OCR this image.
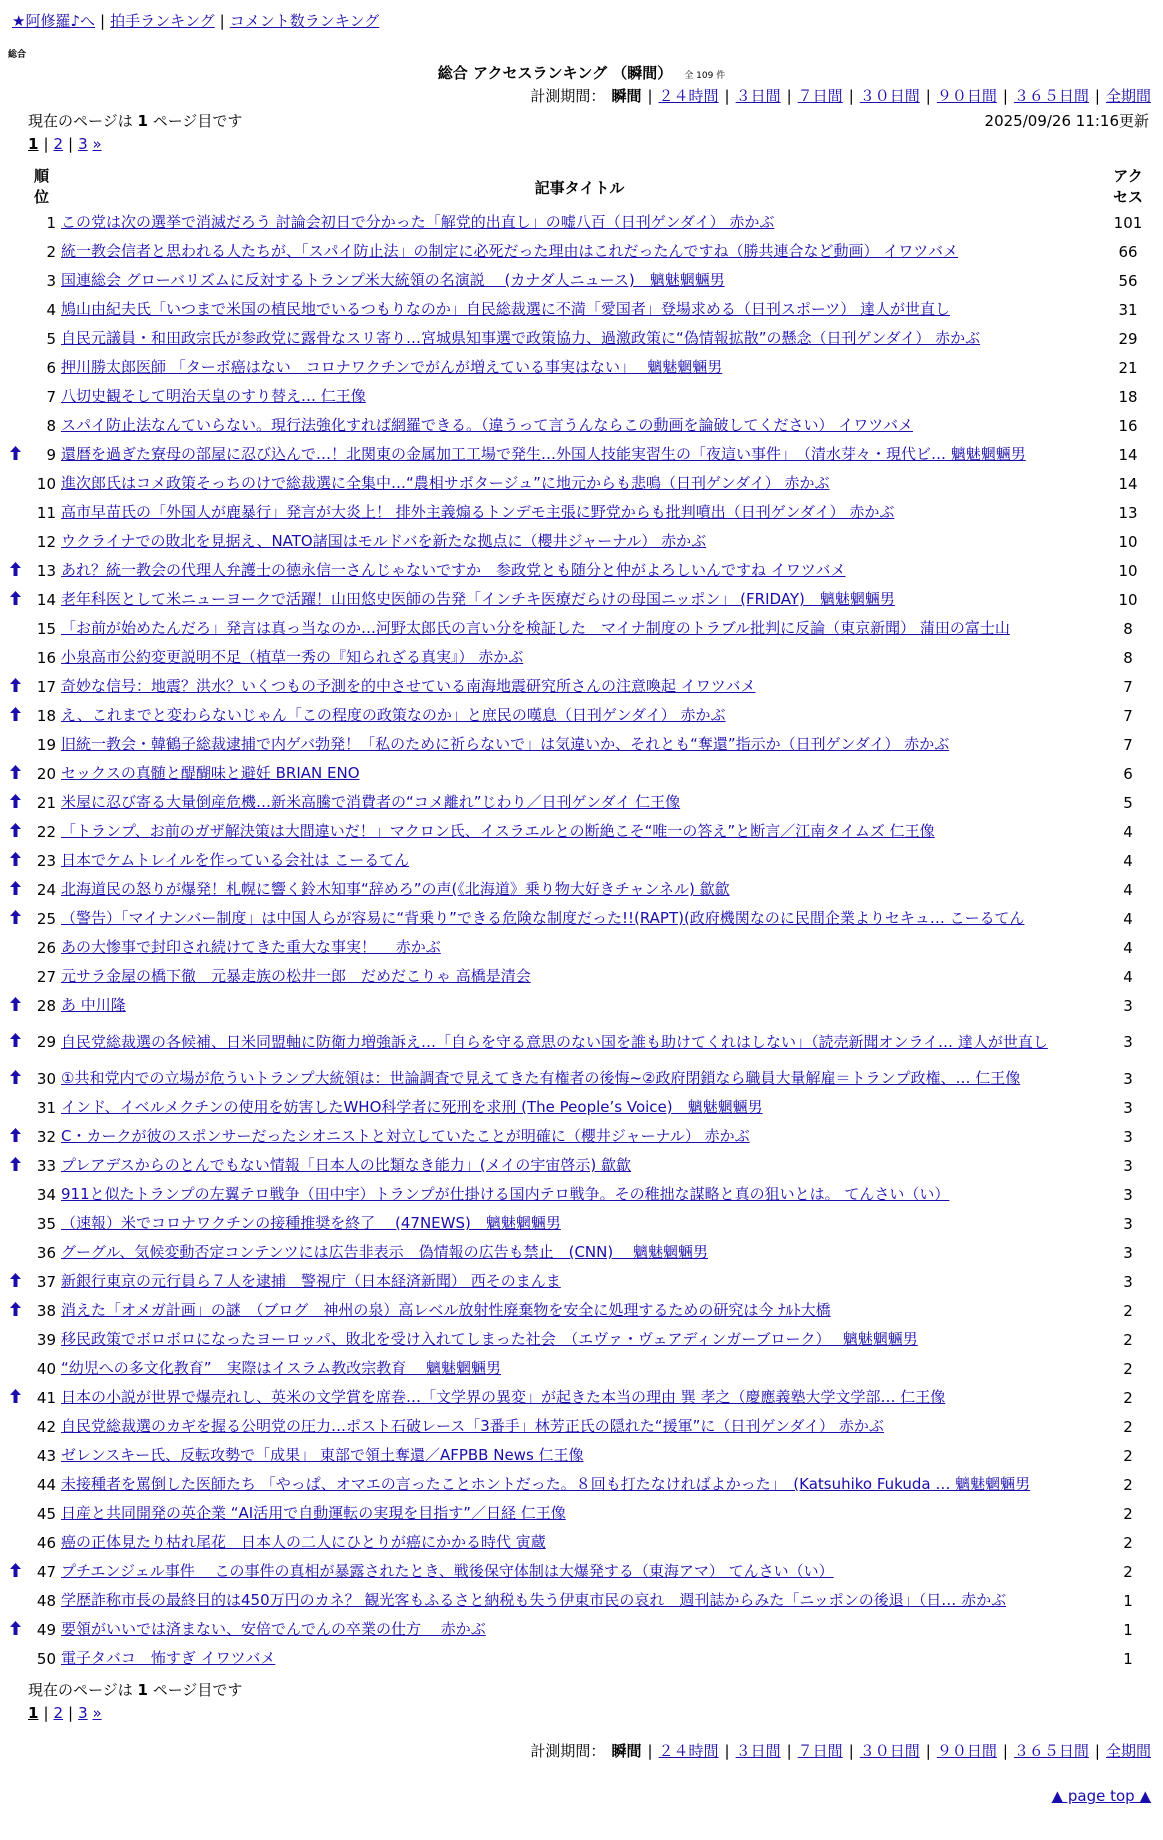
★阿修羅♪へ | 拍手ランキング | コメント数ランキング
総合
総合 アクセスランキング （瞬間） 全 109 件
計測期間： 瞬間 | ２４時間 | ３日間 | ７日間 | ３０日間 | ９０日間 | ３６５日間 | 全期間
現在のページは 1 ページ目です	2025/09/26 11:16更新
1 | 2 | 3 »
	順位	記事タイトル	アクセス
	1	この党は次の選挙で消滅だろう 討論会初日で分かった「解党的出直し」の嘘八百（日刊ゲンダイ） 赤かぶ	101
	2	統一教会信者と思われる人たちが、「スパイ防止法」の制定に必死だった理由はこれだったんですね（勝共連合など動画） イワツバメ	66
	3	国連総会 グローバリズムに反対するトランプ米大統領の名演説 　(カナダ人ニュース)　魑魅魍魎男	56
	4	鳩山由紀夫氏「いつまで米国の植民地でいるつもりなのか」自民総裁選に不満「愛国者」登場求める（日刊スポーツ） 達人が世直し	31
	5	自民元議員・和田政宗氏が参政党に露骨なスリ寄り…宮城県知事選で政策協力、過激政策に“偽情報拡散”の懸念（日刊ゲンダイ） 赤かぶ	29
	6	押川勝太郎医師 「ターボ癌はない　コロナワクチンでがんが増えている事実はない」　 魑魅魍魎男	21
	7	八切史観そして明治天皇のすり替え… 仁王像	18
	8	スパイ防止法なんていらない。現行法強化すれば網羅できる。（違うって言うんならこの動画を論破してください） イワツバメ	16
	9	還暦を過ぎた寮母の部屋に忍び込んで…！北関東の金属加工工場で発生…外国人技能実習生の「夜這い事件」　（清水芽々・現代ビ… 魑魅魍魎男	14
	10	進次郎氏はコメ政策そっちのけで総裁選に全集中…“農相サボタージュ”に地元からも悲鳴（日刊ゲンダイ） 赤かぶ	14
	11	高市早苗氏の「外国人が鹿暴行」発言が大炎上！ 排外主義煽るトンデモ主張に野党からも批判噴出（日刊ゲンダイ） 赤かぶ	13
	12	ウクライナでの敗北を見据え、NATO諸国はモルドバを新たな拠点に（櫻井ジャーナル） 赤かぶ	10
	13	あれ？統一教会の代理人弁護士の徳永信一さんじゃないですか　参政党とも随分と仲がよろしいんですね イワツバメ	10
	14	老年科医として米ニューヨークで活躍！山田悠史医師の告発「インチキ医療だらけの母国ニッポン」 (FRIDAY)　魑魅魍魎男	10
	15	「お前が始めたんだろ」発言は真っ当なのか…河野太郎氏の言い分を検証した　マイナ制度のトラブル批判に反論（東京新聞） 蒲田の富士山	8
	16	小泉高市公約変更説明不足（植草一秀の『知られざる真実』） 赤かぶ	8
	17	奇妙な信号：地震？洪水？いくつもの予測を的中させている南海地震研究所さんの注意喚起 イワツバメ	7
	18	え、これまでと変わらないじゃん「この程度の政策なのか」と庶民の嘆息（日刊ゲンダイ） 赤かぶ	7
	19	旧統一教会・韓鶴子総裁逮捕で内ゲバ勃発！「私のために祈らないで」は気違いか、それとも“奪還”指示か（日刊ゲンダイ） 赤かぶ	7
	20	セックスの真髄と醍醐味と避妊 BRIAN ENO	6
	21	米屋に忍び寄る大量倒産危機…新米高騰で消費者の“コメ離れ”じわり／日刊ゲンダイ 仁王像	5
	22	「トランプ、お前のガザ解決策は大間違いだ！」マクロン氏、イスラエルとの断絶こそ“唯一の答え”と断言／江南タイムズ 仁王像	4
	23	日本でケムトレイルを作っている会社は こーるてん	4
	24	北海道民の怒りが爆発！札幌に響く鈴木知事“辞めろ”の声(《北海道》乗り物大好きチャンネル) 歙歙	4
	25	（警告）「マイナンバー制度」は中国人らが容易に“背乗り”できる危険な制度だった!!(RAPT)(政府機関なのに民間企業よりセキュ… こーるてん	4
	26	あの大惨事で封印され続けてきた重大な事実！　 赤かぶ	4
	27	元サラ金屋の橋下徹　元暴走族の松井一郎　だめだこりゃ 高橋是清会	4
	28	あ 中川隆	3
	29	自民党総裁選の各候補、日米同盟軸に防衛力増強訴え…「自らを守る意思のない国を誰も助けてくれはしない」（読売新聞オンライ… 達人が世直し	3
	30	①共和党内での立場が危ういトランプ大統領は：世論調査で見えてきた有権者の後悔~②政府閉鎖なら職員大量解雇＝トランプ政権、… 仁王像	3
	31	インド、イベルメクチンの使用を妨害したWHO科学者に死刑を求刑 (The People’s Voice)　魑魅魍魎男	3
	32	C・カークが彼のスポンサーだったシオニストと対立していたことが明確に（櫻井ジャーナル） 赤かぶ	3
	33	プレアデスからのとんでもない情報「日本人の比類なき能力」(メイの宇宙啓示) 歙歙	3
	34	911と似たトランプの左翼テロ戦争（田中宇）トランプが仕掛ける国内テロ戦争。その稚拙な謀略と真の狙いとは。 てんさい（い）	3
	35	（速報）米でコロナワクチンの接種推奨を終了　 (47NEWS)　魑魅魍魎男	3
	36	グーグル、気候変動否定コンテンツには広告非表示　偽情報の広告も禁止　(CNN)　 魑魅魍魎男	3
	37	新銀行東京の元行員ら７人を逮捕　警視庁（日本経済新聞） 西そのまんま	3
	38	消えた「オメガ計画」の謎　（ブログ　神州の泉）高レベル放射性廃棄物を安全に処理するための研究は今 ﾅﾙﾄ大橋	2
	39	移民政策でボロボロになったヨーロッパ、敗北を受け入れてしまった社会　（エヴァ・ヴェアディンガーブローク）　 魑魅魍魎男	2
	40	“幼児への多文化教育”　実際はイスラム教改宗教育　 魑魅魍魎男	2
	41	日本の小説が世界で爆売れし、英米の文学賞を席巻…「文学界の異変」が起きた本当の理由 巽 孝之（慶應義塾大学文学部… 仁王像	2
	42	自民党総裁選のカギを握る公明党の圧力…ポスト石破レース「3番手」林芳正氏の隠れた“援軍”に（日刊ゲンダイ） 赤かぶ	2
	43	ゼレンスキー氏、反転攻勢で「成果」 東部で領土奪還／AFPBB News 仁王像	2
	44	未接種者を罵倒した医師たち 「やっぱ、オマエの言ったことホントだった。８回も打たなければよかった」　(Katsuhiko Fukuda … 魑魅魍魎男	2
	45	日産と共同開発の英企業 “AI活用で自動運転の実現を目指す”／日経 仁王像	2
	46	癌の正体見たり枯れ尾花　日本人の二人にひとりが癌にかかる時代 寅蔵	2
	47	プチエンジェル事件　 この事件の真相が暴露されたとき、戦後保守体制は大爆発する（東海アマ） てんさい（い）	2
	48	学歴詐称市長の最終目的は450万円のカネ？ 観光客もふるさと納税も失う伊東市民の哀れ　週刊誌からみた「ニッポンの後退」（日… 赤かぶ	1
	49	要領がいいでは済まない、安倍でんでんの卒業の仕方　 赤かぶ	1
	50	電子タバコ　怖すぎ イワツバメ	1
現在のページは 1 ページ目です
1 | 2 | 3 »
計測期間： 瞬間 | ２４時間 | ３日間 | ７日間 | ３０日間 | ９０日間 | ３６５日間 | 全期間
▲ page top ▲
